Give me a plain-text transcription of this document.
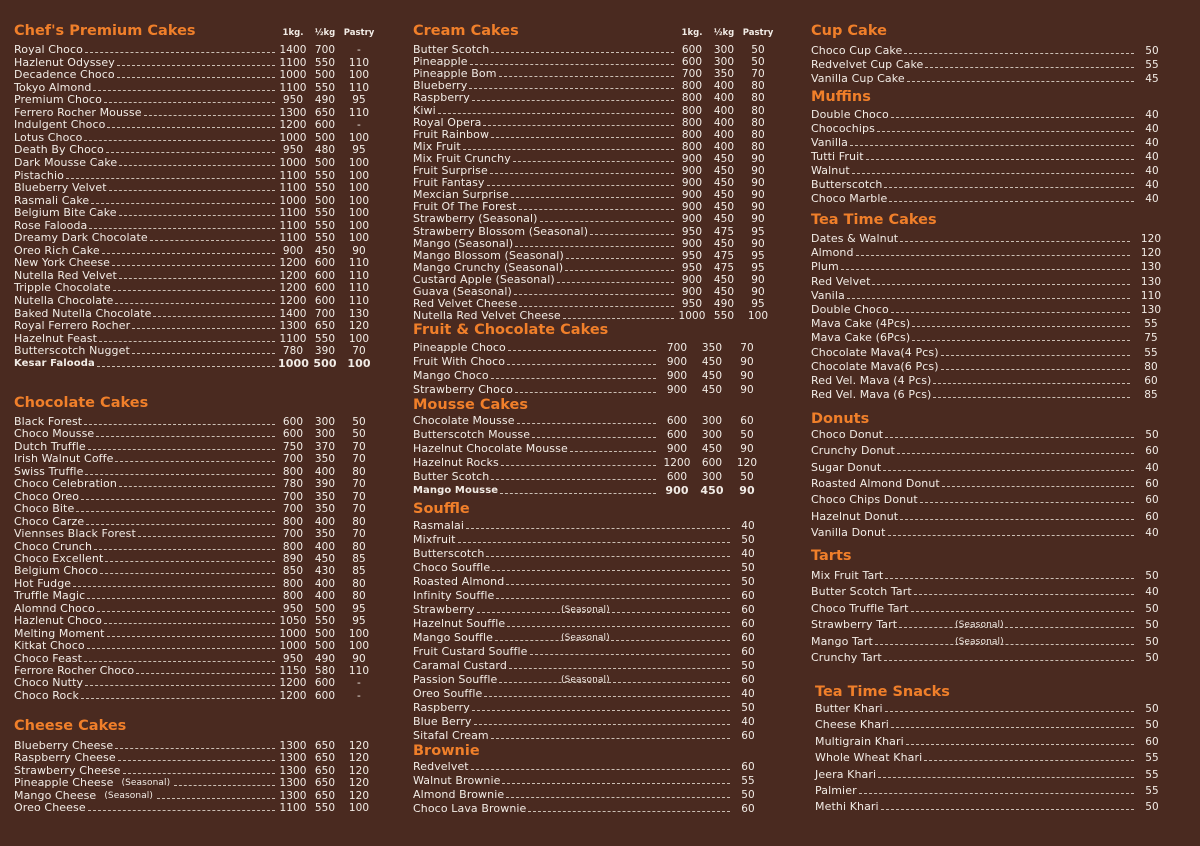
Chef's Premium Cakes	1kg.	½kg Pastry
Royal Choco	1400 700	-
Hazlenut Odyssey	1100 550	110
Decadence Choco	1000 500	100
Tokyo Almond	1100 550	110
Premium Choco	950	490	95
Ferrero Rocher Mousse	1300 650	110
Indulgent Choco	1200 600	-
Lotus Choco	1000 500	100
Death By Choco	950	480	95
Dark Mousse Cake	1000 500	100
Pistachio	1100 550	100
Blueberry Velvet	1100 550	100
Rasmali Cake	1000 500	100
Belgium Bite Cake	1100 550	100
Rose Falooda	1100 550	100
Dreamy Dark Chocolate	1100 550	100
Oreo Rich Cake	900	450	90
New York Cheese	1200 600	110
Nutella Red Velvet	1200 600	110
Tripple Chocolate	1200 600	110
Nutella Chocolate	1200 600	110
Baked Nutella Chocolate	1400 700	130
Royal Ferrero Rocher	1300 650	120
Hazelnut Feast	1100 550	100
Butterscotch Nugget	780	390	70
Kesar Falooda	1000 500 100
Chocolate Cakes
Black Forest	600	300	50
Choco Mousse	600	300	50
Dutch Truffle	750	370	70
Irish Walnut Coffe	700	350	70
Swiss Truffle	800	400	80
Choco Celebration	780	390	70
Choco Oreo	700	350	70
Choco Bite	700	350	70
Choco Carze	800	400	80
Viennses Black Forest	700	350	70
Choco Crunch	800	400	80
Choco Excellent	890	450	85
Belgium Choco	850	430	85
Hot Fudge	800	400	80
Truffle Magic	800	400	80
Alomnd Choco	950	500	95
Hazlenut Choco	1050 550	95
Melting Moment	1000 500	100
Kitkat Choco	1000 500	100
Choco Feast	950	490	90
Ferrore Rocher Choco	1150 580	110
Choco Nutty	1200 600	-
Choco Rock	1200 600	-
Cheese Cakes
Blueberry Cheese	1300 650	120
Raspberry Cheese	1300 650	120
Strawberry Cheese	1300 650	120
Pineapple Cheese (Seasonal)	1300 650	120
Mango Cheese (Seasonal)	1300 650	120
Oreo Cheese	1100 550	100
Cream Cakes	1kg.	½kg Pastry
Butter Scotch	600	300	50
Pineapple	600	300	50
Pineapple Bom	700	350	70
Blueberry	800	400	80
Raspberry	800	400	80
Kiwi	800	400	80
Royal Opera	800	400	80
Fruit Rainbow	800	400	80
Mix Fruit	800	400	80
Mix Fruit Crunchy	900	450	90
Fruit Surprise	900	450	90
Fruit Fantasy	900	450	90
Mexcian Surprise	900	450	90
Fruit Of The Forest	900	450	90
Strawberry (Seasonal)	900	450	90
Strawberry Blossom (Seasonal)	950	475	95
Mango (Seasonal)	900	450	90
Mango Blossom (Seasonal)	950	475	95
Mango Crunchy (Seasonal)	950	475	95
Custard Apple (Seasonal)	900	450	90
Guava (Seasonal)	900	450	90
Red Velvet Cheese	950	490	95
Nutella Red Velvet Cheese	1000 550	100
Fruit & Chocolate Cakes
Pineapple Choco	700	350	70
Fruit With Choco	900	450	90
Mango Choco	900	450	90
Strawberry Choco	900	450	90
Mousse Cakes
Chocolate Mousse	600	300	60
Butterscotch Mousse	600	300	50
Hazelnut Chocolate Mousse	900	450	90
Hazelnut Rocks	1200	600	120
Butter Scotch	600	300	50
Mango Mousse	900	450	90
Souffle
Rasmalai	40
Mixfruit	50
Butterscotch	40
Choco Souffle	50
Roasted Almond	50
Infinity Souffle	60
Strawberry	(Seasonal)	60
Hazelnut Souffle	60
Mango Souffle	(Seasonal)	60
Fruit Custard Souffle	60
Caramal Custard	50
Passion Souffle	(Seasonal)	60
Oreo Souffle	40
Raspberry	50
Blue Berry	40
Sitafal Cream	60
Brownie
Redvelvet	60
Walnut Brownie	55
Almond Brownie	50
Choco Lava Brownie	60
Cup Cake
Choco Cup Cake	50
Redvelvet Cup Cake	55
Vanilla Cup Cake	45
Muffins
Double Choco	40
Chocochips	40
Vanilla	40
Tutti Fruit	40
Walnut	40
Butterscotch	40
Choco Marble	40
Tea Time Cakes
Dates & Walnut	120
Almond	120
Plum	130
Red Velvet	130
Vanila	110
Double Choco	130
Mava Cake (4Pcs)	55
Mava Cake (6Pcs)	75
Chocolate Mava(4 Pcs)	55
Chocolate Mava(6 Pcs)	80
Red Vel. Mava (4 Pcs)	60
Red Vel. Mava (6 Pcs)	85
Donuts
Choco Donut	50
Crunchy Donut	60
Sugar Donut	40
Roasted Almond Donut	60
Choco Chips Donut	60
Hazelnut Donut	60
Vanilla Donut	40
Tarts
Mix Fruit Tart	50
Butter Scotch Tart	40
Choco Truffle Tart	50
Strawberry Tart	(Seasonal)	50
Mango Tart	(Seasonal)	50
Crunchy Tart	50
Tea Time Snacks
Butter Khari	50
Cheese Khari	50
Multigrain Khari	60
Whole Wheat Khari	55
Jeera Khari	55
Palmier	55
Methi Khari	50
